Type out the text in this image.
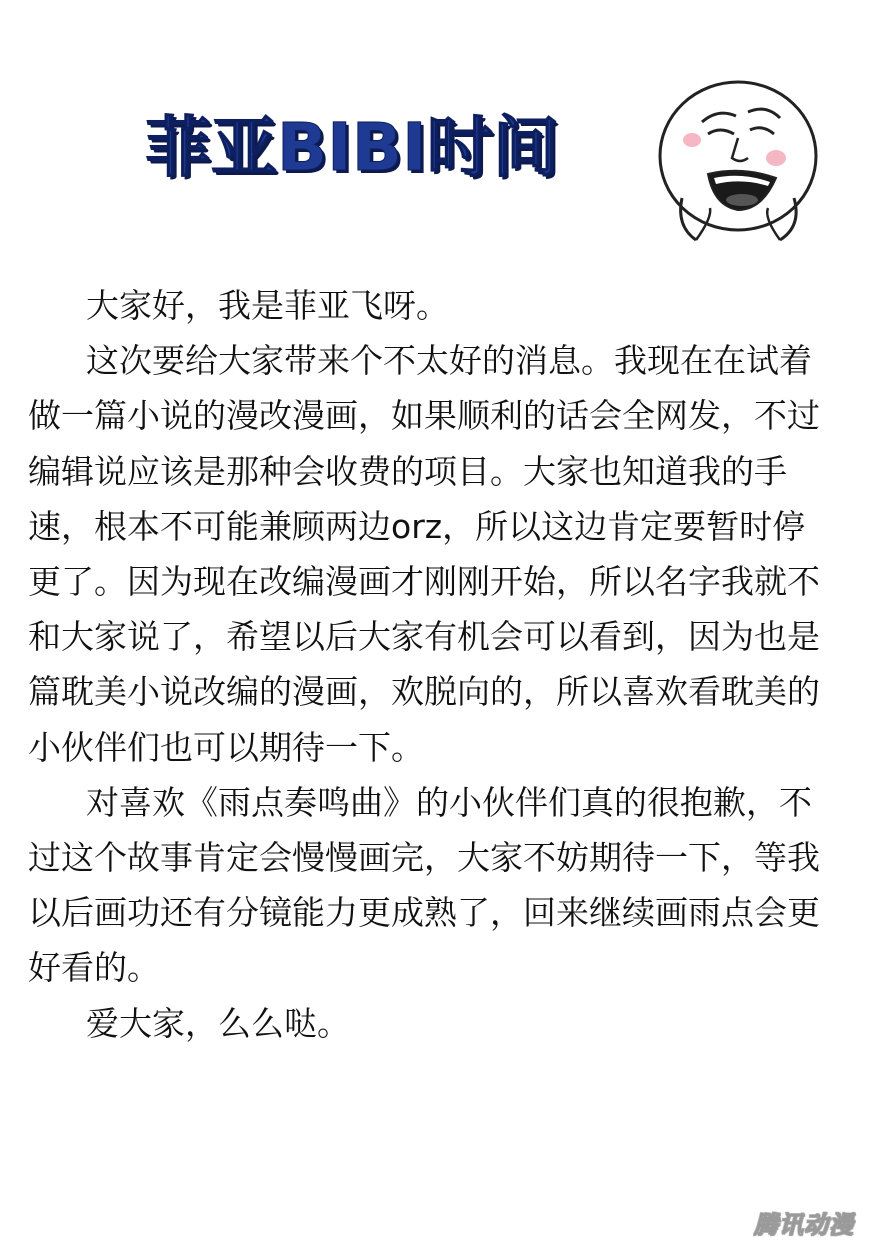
菲亚BIBI时间

大家好，我是菲亚飞呀。

这次要给大家带来个不太好的消息。我现在在试着做一篇小说的漫改漫画，如果顺利的话会全网发，不过编辑说应该是那种会收费的项目。大家也知道我的手速，根本不可能兼顾两边orz，所以这边肯定要暂时停更了。因为现在改编漫画才刚刚开始，所以名字我就不和大家说了，希望以后大家有机会可以看到，因为也是篇耽美小说改编的漫画，欢脱向的，所以喜欢看耽美的小伙伴们也可以期待一下。

对喜欢《雨点奏鸣曲》的小伙伴们真的很抱歉，不过这个故事肯定会慢慢画完，大家不妨期待一下，等我以后画功还有分镜能力更成熟了，回来继续画雨点会更好看的。

爱大家，么么哒。

腾讯动漫
